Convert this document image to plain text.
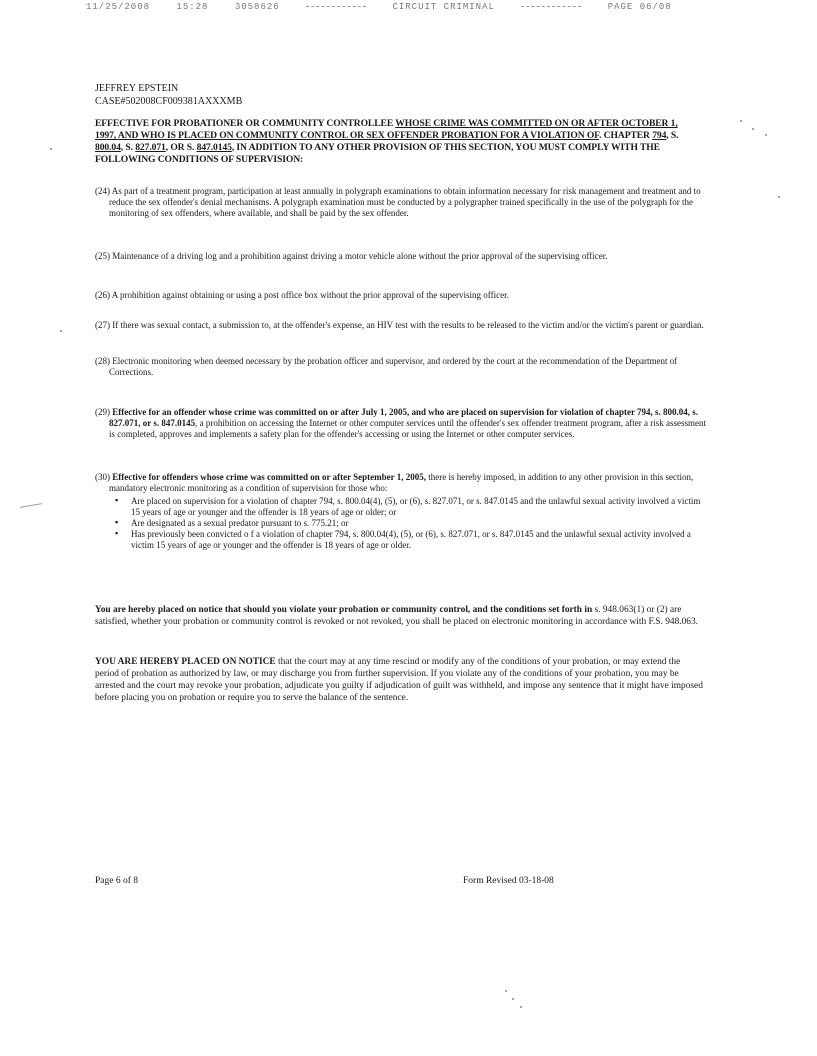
11/25/2008	15:28	3058626	CIRCUIT CRIMINAL	PAGE 06/08
JEFFREY EPSTEIN
CASE#502008CF009381AXXXMB
EFFECTIVE FOR PROBATIONER OR COMMUNITY CONTROLLEE WHOSE CRIME WAS COMMITTED ON OR AFTER OCTOBER 1, 1997, AND WHO IS PLACED ON COMMUNITY CONTROL OR SEX OFFENDER PROBATION FOR A VIOLATION OF. CHAPTER 794, S. 800.04, S. 827.071, OR S. 847.0145, IN ADDITION TO ANY OTHER PROVISION OF THIS SECTION, YOU MUST COMPLY WITH THE FOLLOWING CONDITIONS OF SUPERVISION:
(24) As part of a treatment program, participation at least annually in polygraph examinations to obtain information necessary for risk management and treatment and to reduce the sex offender's denial mechanisms. A polygraph examination must be conducted by a polygrapher trained specifically in the use of the polygraph for the monitoring of sex offenders, where available, and shall be paid by the sex offender.
(25) Maintenance of a driving log and a prohibition against driving a motor vehicle alone without the prior approval of the supervising officer.
(26) A prohibition against obtaining or using a post office box without the prior approval of the supervising officer.
(27) If there was sexual contact, a submission to, at the offender's expense, an HIV test with the results to be released to the victim and/or the victim's parent or guardian.
(28) Electronic monitoring when deemed necessary by the probation officer and supervisor, and ordered by the court at the recommendation of the Department of Corrections.
(29) Effective for an offender whose crime was committed on or after July 1, 2005, and who are placed on supervision for violation of chapter 794, s. 800.04, s. 827.071, or s. 847.0145, a prohibition on accessing the Internet or other computer services until the offender's sex offender treatment program, after a risk assessment is completed, approves and implements a safety plan for the offender's accessing or using the Internet or other computer services.
(30) Effective for offenders whose crime was committed on or after September 1, 2005, there is hereby imposed, in addition to any other provision in this section, mandatory electronic monitoring as a condition of supervision for those who:
▪ Are placed on supervision for a violation of chapter 794, s. 800.04(4), (5), or (6), s. 827.071, or s. 847.0145 and the unlawful sexual activity involved a victim 15 years of age or younger and the offender is 18 years of age or older; or
▪ Are designated as a sexual predator pursuant to s. 775.21; or
▪ Has previously been convicted o f a violation of chapter 794, s. 800.04(4), (5), or (6), s. 827.071, or s. 847.0145 and the unlawful sexual activity involved a victim 15 years of age or younger and the offender is 18 years of age or older.
You are hereby placed on notice that should you violate your probation or community control, and the conditions set forth in s. 948.063(1) or (2) are satisfied, whether your probation or community control is revoked or not revoked, you shall be placed on electronic monitoring in accordance with F.S. 948.063.
YOU ARE HEREBY PLACED ON NOTICE that the court may at any time rescind or modify any of the conditions of your probation, or may extend the period of probation as authorized by law, or may discharge you from further supervision. If you violate any of the conditions of your probation, you may be arrested and the court may revoke your probation, adjudicate you guilty if adjudication of guilt was withheld, and impose any sentence that it might have imposed before placing you on probation or require you to serve the balance of the sentence.
Page 6 of 8	Form Revised 03-18-08
